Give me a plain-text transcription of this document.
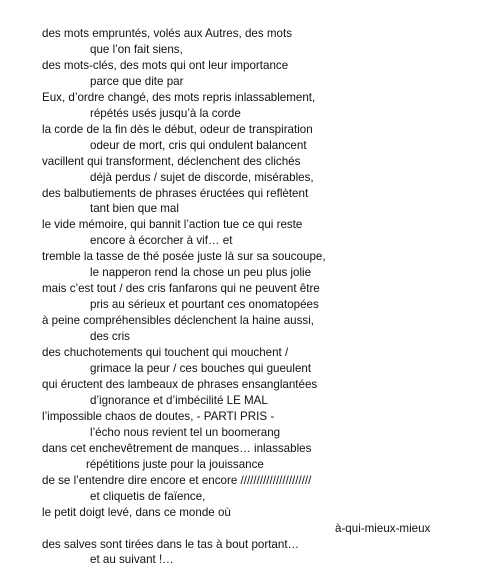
des mots empruntés, volés aux Autres, des mots
que l’on fait siens,
des mots-clés, des mots qui ont leur importance
parce que dite par
Eux, d’ordre changé, des mots repris inlassablement,
répétés usés jusqu’à la corde
la corde de la fin dès le début, odeur de transpiration
odeur de mort, cris qui ondulent balancent
vacillent qui transforment, déclenchent des clichés
déjà perdus / sujet de discorde, misérables,
des balbutiements de phrases éructées qui reflètent
tant bien que mal
le vide mémoire, qui bannit l’action tue ce qui reste
encore à écorcher à vif… et
tremble la tasse de thé posée juste là sur sa soucoupe,
le napperon rend la chose un peu plus jolie
mais c’est tout / des cris fanfarons qui ne peuvent être
pris au sérieux et pourtant ces onomatopées
à peine compréhensibles déclenchent la haine aussi,
des cris
des chuchotements qui touchent qui mouchent /
grimace la peur / ces bouches qui gueulent
qui éructent des lambeaux de phrases ensanglantées
d’ignorance et d’imbécilité LE MAL
l’impossible chaos de doutes, - PARTI PRIS -
l’écho nous revient tel un boomerang
dans cet enchevêtrement de manques… inlassables
répétitions juste pour la jouissance
de se l’entendre dire encore et encore //////////////////////
et cliquetis de faïence,
le petit doigt levé, dans ce monde où
à-qui-mieux-mieux
des salves sont tirées dans le tas à bout portant…
et au suivant !…
